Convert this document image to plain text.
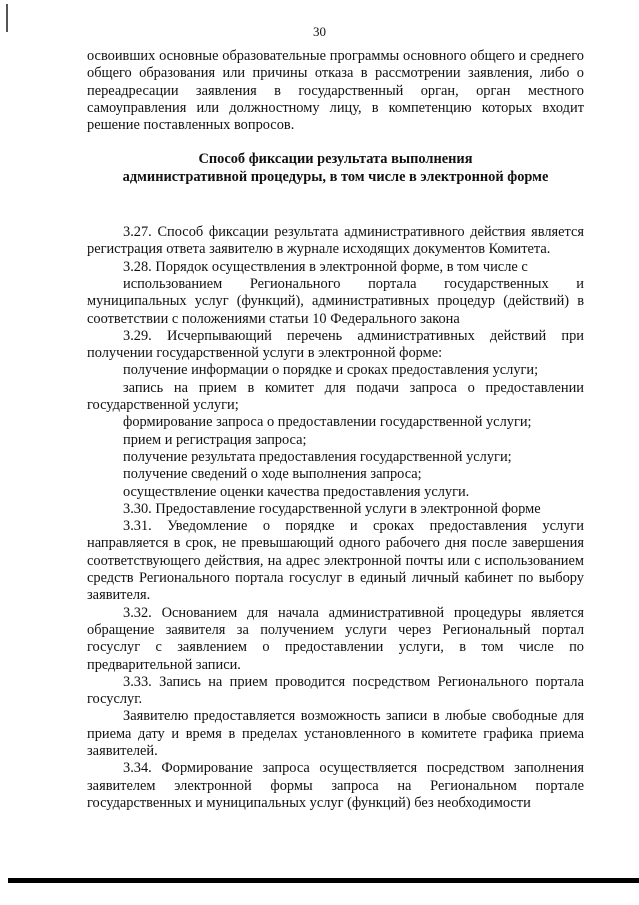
30

освоивших основные образовательные программы основного общего и среднего общего образования или причины отказа в рассмотрении заявления, либо о переадресации заявления в государственный орган, орган местного самоуправления или должностному лицу, в компетенцию которых входит решение поставленных вопросов.

Способ фиксации результата выполнения
административной процедуры, в том числе в электронной форме

3.27. Способ фиксации результата административного действия является регистрация ответа заявителю в журнале исходящих документов Комитета.

3.28. Порядок осуществления в электронной форме, в том числе с

использованием Регионального портала государственных и муниципальных услуг (функций), административных процедур (действий) в соответствии с положениями статьи 10 Федерального закона

3.29. Исчерпывающий перечень административных действий при получении государственной услуги в электронной форме:

получение информации о порядке и сроках предоставления услуги;

запись на прием в комитет для подачи запроса о предоставлении государственной услуги;

формирование запроса о предоставлении государственной услуги;

прием и регистрация запроса;

получение результата предоставления государственной услуги;

получение сведений о ходе выполнения запроса;

осуществление оценки качества предоставления услуги.

3.30. Предоставление государственной услуги в электронной форме

3.31. Уведомление о порядке и сроках предоставления услуги направляется в срок, не превышающий одного рабочего дня после завершения соответствующего действия, на адрес электронной почты или с использованием средств Регионального портала госуслуг в единый личный кабинет по выбору заявителя.

3.32. Основанием для начала административной процедуры является обращение заявителя за получением услуги через Региональный портал госуслуг с заявлением о предоставлении услуги, в том числе по предварительной записи.

3.33. Запись на прием проводится посредством Регионального портала госуслуг.

Заявителю предоставляется возможность записи в любые свободные для приема дату и время в пределах установленного в комитете графика приема заявителей.

3.34. Формирование запроса осуществляется посредством заполнения заявителем электронной формы запроса на Региональном портале государственных и муниципальных услуг (функций) без необходимости
